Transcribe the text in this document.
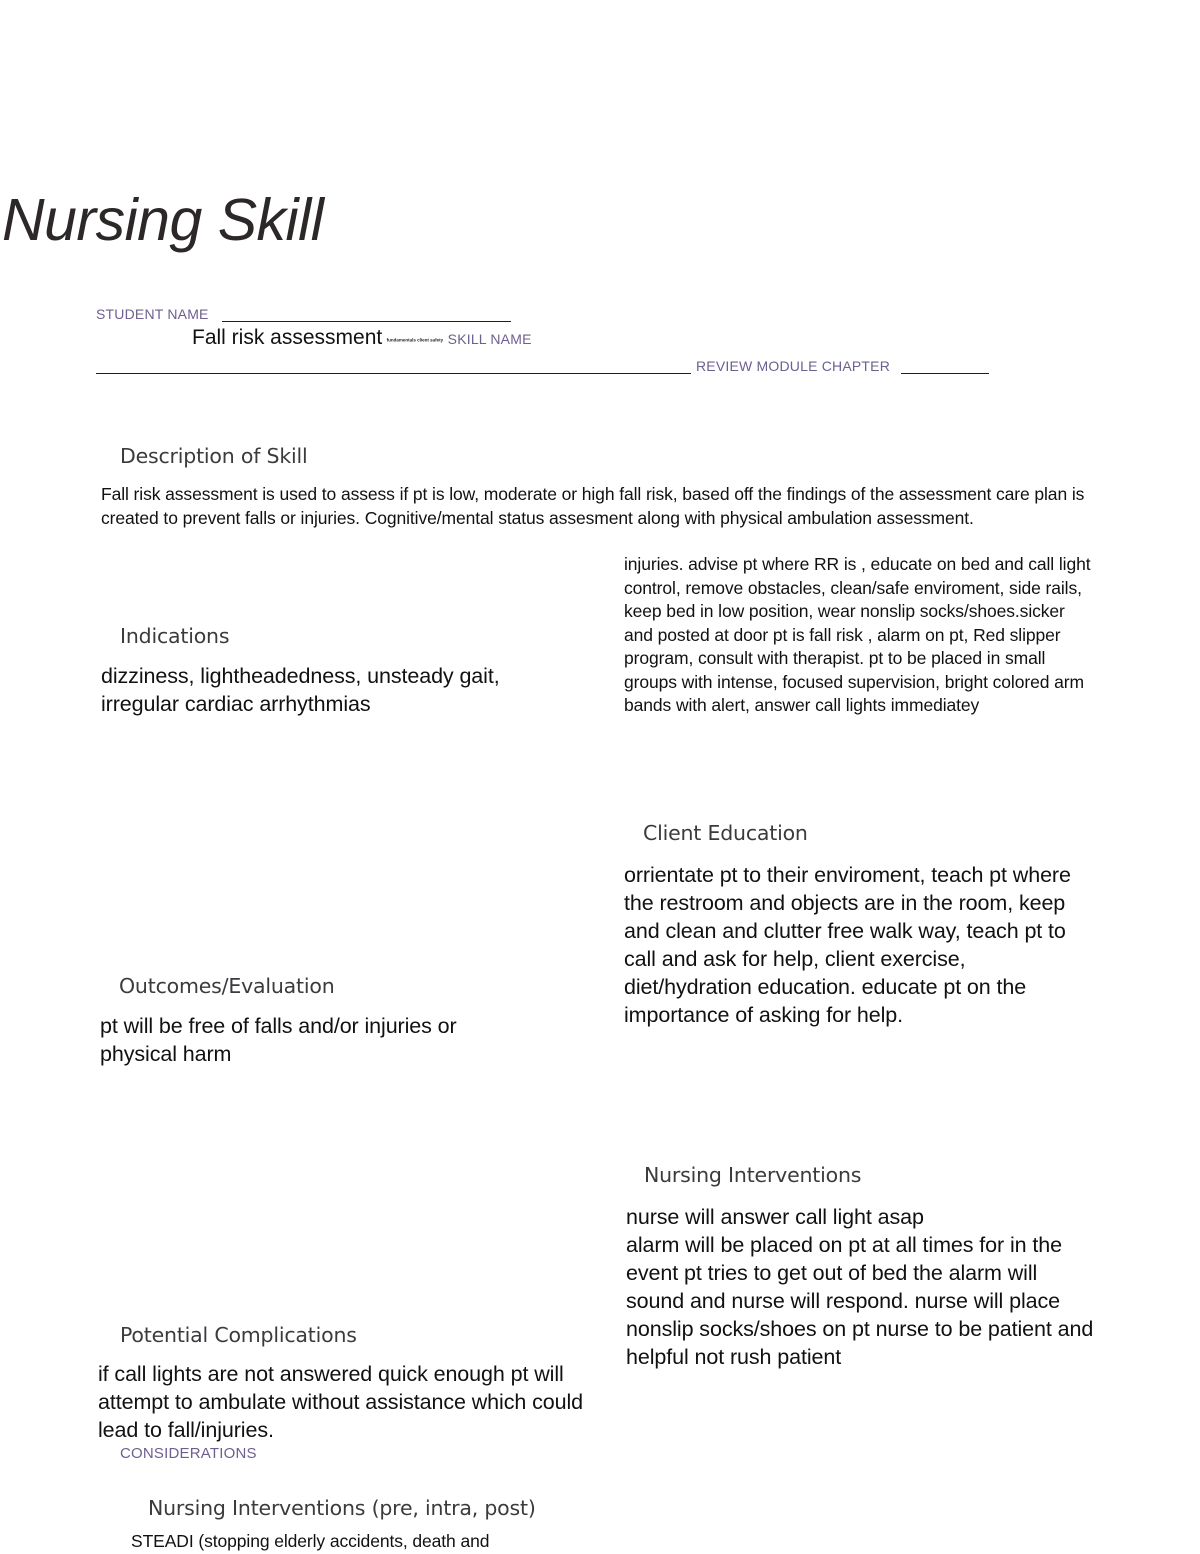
Nursing Skill
STUDENT NAME
Fall risk assessment fundamentals client safety SKILL NAME
REVIEW MODULE CHAPTER
Description of Skill
Fall risk assessment is used to assess if pt is low, moderate or high fall risk, based off the findings of the assessment care plan is created to prevent falls or injuries. Cognitive/mental status assesment along with physical ambulation assessment.
injuries. advise pt where RR is , educate on bed and call light control, remove obstacles, clean/safe enviroment, side rails, keep bed in low position, wear nonslip socks/shoes.sicker and posted at door pt is fall risk , alarm on pt, Red slipper program, consult with therapist. pt to be placed in small groups with intense, focused supervision, bright colored arm bands with alert, answer call lights immediatey
Indications
dizziness, lightheadedness, unsteady gait, irregular cardiac arrhythmias
Client Education
orrientate pt to their enviroment, teach pt where the restroom and objects are in the room, keep and clean and clutter free walk way, teach pt to call and ask for help, client exercise, diet/hydration education. educate pt on the importance of asking for help.
Outcomes/Evaluation
pt will be free of falls and/or injuries or physical harm
Nursing Interventions
nurse will answer call light asap
alarm will be placed on pt at all times for in the event pt tries to get out of bed the alarm will sound and nurse will respond. nurse will place nonslip socks/shoes on pt nurse to be patient and helpful not rush patient
Potential Complications
if call lights are not answered quick enough pt will attempt to ambulate without assistance which could lead to fall/injuries.
CONSIDERATIONS
Nursing Interventions (pre, intra, post)
STEADI (stopping elderly accidents, death and
